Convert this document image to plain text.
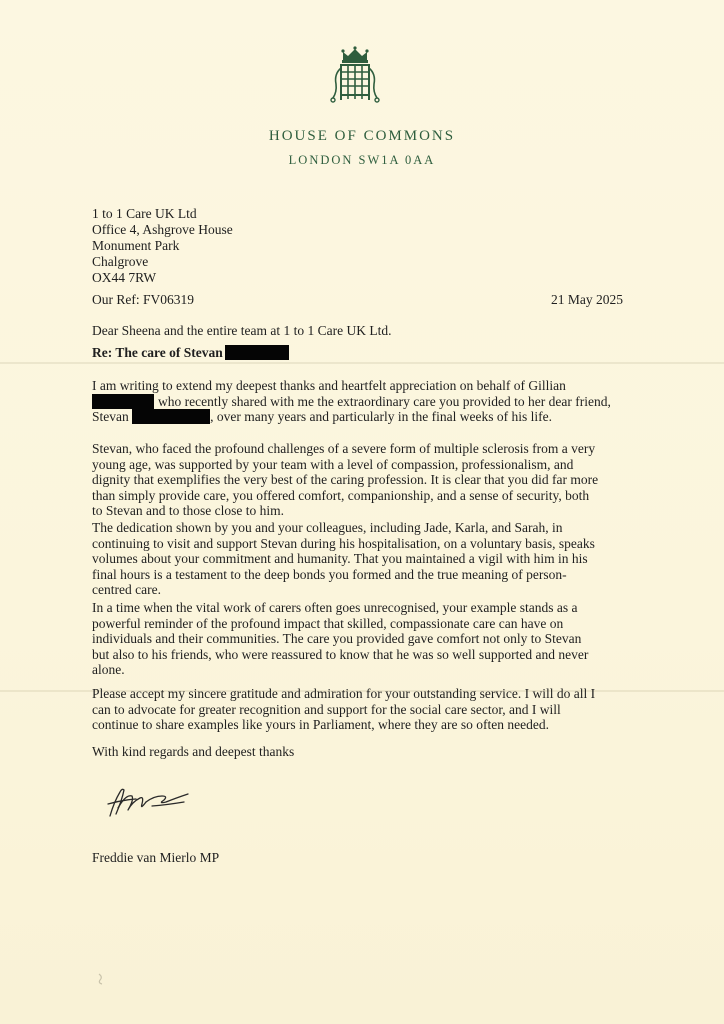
HOUSE OF COMMONS
LONDON SW1A 0AA
1 to 1 Care UK Ltd
Office 4, Ashgrove House
Monument Park
Chalgrove
OX44 7RW
Our Ref: FV06319	21 May 2025
Dear Sheena and the entire team at 1 to 1 Care UK Ltd.
Re: The care of Stevan
I am writing to extend my deepest thanks and heartfelt appreciation on behalf of Gillian
who recently shared with me the extraordinary care you provided to her dear friend,
Stevan	, over many years and particularly in the final weeks of his life.
Stevan, who faced the profound challenges of a severe form of multiple sclerosis from a very
young age, was supported by your team with a level of compassion, professionalism, and
dignity that exemplifies the very best of the caring profession. It is clear that you did far more
than simply provide care, you offered comfort, companionship, and a sense of security, both
to Stevan and to those close to him.
The dedication shown by you and your colleagues, including Jade, Karla, and Sarah, in
continuing to visit and support Stevan during his hospitalisation, on a voluntary basis, speaks
volumes about your commitment and humanity. That you maintained a vigil with him in his
final hours is a testament to the deep bonds you formed and the true meaning of person-
centred care.
In a time when the vital work of carers often goes unrecognised, your example stands as a
powerful reminder of the profound impact that skilled, compassionate care can have on
individuals and their communities. The care you provided gave comfort not only to Stevan
but also to his friends, who were reassured to know that he was so well supported and never
alone.
Please accept my sincere gratitude and admiration for your outstanding service. I will do all I
can to advocate for greater recognition and support for the social care sector, and I will
continue to share examples like yours in Parliament, where they are so often needed.
With kind regards and deepest thanks
Freddie van Mierlo MP
